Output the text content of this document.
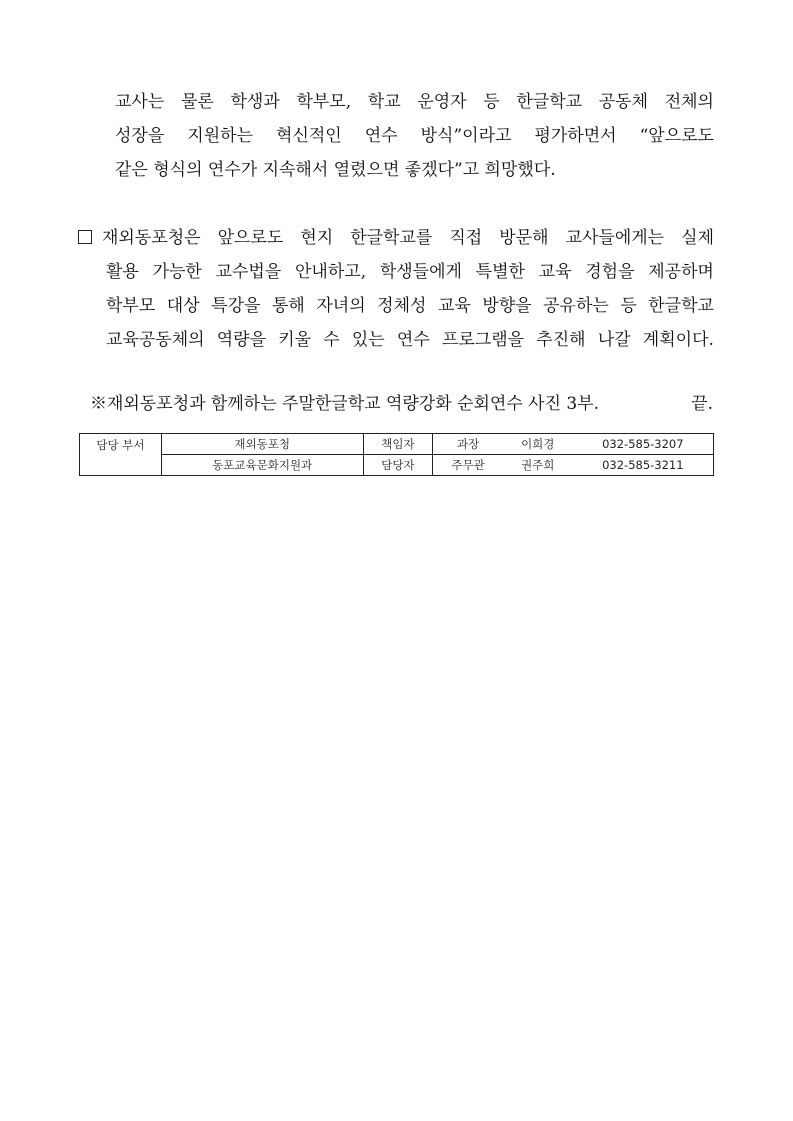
교사는 물론 학생과 학부모, 학교 운영자 등 한글학교 공동체 전체의
성장을 지원하는 혁신적인 연수 방식”이라고 평가하면서 “앞으로도
같은 형식의 연수가 지속해서 열렸으면 좋겠다”고 희망했다.
재외동포청은 앞으로도 현지 한글학교를 직접 방문해 교사들에게는 실제
활용 가능한 교수법을 안내하고, 학생들에게 특별한 교육 경험을 제공하며
학부모 대상 특강을 통해 자녀의 정체성 교육 방향을 공유하는 등 한글학교
교육공동체의 역량을 키울 수 있는 연수 프로그램을 추진해 나갈 계획이다.
※재외동포청과 함께하는 주말한글학교 역량강화 순회연수 사진 3부.	끝.
담당 부서	재외동포청	책임자	과장	이희경	032-585-3207
	동포교육문화지원과	담당자	주무관	권주희	032-585-3211
